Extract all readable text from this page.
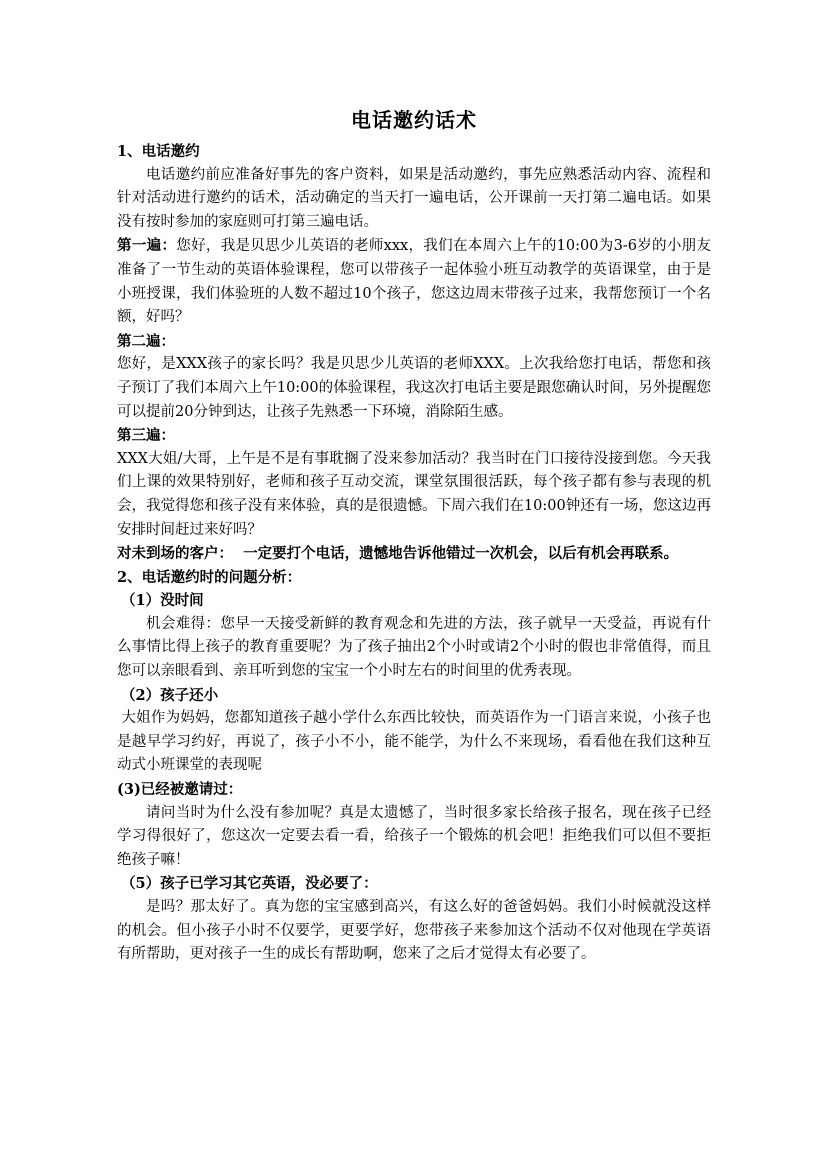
电话邀约话术
1、电话邀约
电话邀约前应准备好事先的客户资料，如果是活动邀约，事先应熟悉活动内容、流程和针对活动进行邀约的话术，活动确定的当天打一遍电话，公开课前一天打第二遍电话。如果没有按时参加的家庭则可打第三遍电话。
第一遍：您好，我是贝思少儿英语的老师xxx，我们在本周六上午的10:00为3-6岁的小朋友准备了一节生动的英语体验课程，您可以带孩子一起体验小班互动教学的英语课堂，由于是小班授课，我们体验班的人数不超过10个孩子，您这边周末带孩子过来，我帮您预订一个名额，好吗？
第二遍：
您好，是XXX孩子的家长吗？我是贝思少儿英语的老师XXX。上次我给您打电话，帮您和孩子预订了我们本周六上午10:00的体验课程，我这次打电话主要是跟您确认时间，另外提醒您可以提前20分钟到达，让孩子先熟悉一下环境，消除陌生感。
第三遍：
XXX大姐/大哥，上午是不是有事耽搁了没来参加活动？我当时在门口接待没接到您。今天我们上课的效果特别好，老师和孩子互动交流，课堂氛围很活跃，每个孩子都有参与表现的机会，我觉得您和孩子没有来体验，真的是很遗憾。下周六我们在10:00钟还有一场，您这边再安排时间赶过来好吗？
对未到场的客户：  一定要打个电话，遗憾地告诉他错过一次机会，以后有机会再联系。
2、电话邀约时的问题分析：
（1）没时间
机会难得：您早一天接受新鲜的教育观念和先进的方法，孩子就早一天受益，再说有什么事情比得上孩子的教育重要呢？为了孩子抽出2个小时或请2个小时的假也非常值得，而且您可以亲眼看到、亲耳听到您的宝宝一个小时左右的时间里的优秀表现。
（2）孩子还小
大姐作为妈妈，您都知道孩子越小学什么东西比较快，而英语作为一门语言来说，小孩子也是越早学习约好，再说了，孩子小不小，能不能学，为什么不来现场，看看他在我们这种互动式小班课堂的表现呢
(3)已经被邀请过：
请问当时为什么没有参加呢？真是太遗憾了，当时很多家长给孩子报名，现在孩子已经学习得很好了，您这次一定要去看一看，给孩子一个锻炼的机会吧！拒绝我们可以但不要拒绝孩子嘛！
（5）孩子已学习其它英语，没必要了：
是吗？那太好了。真为您的宝宝感到高兴，有这么好的爸爸妈妈。我们小时候就没这样的机会。但小孩子小时不仅要学，更要学好，您带孩子来参加这个活动不仅对他现在学英语有所帮助，更对孩子一生的成长有帮助啊，您来了之后才觉得太有必要了。
